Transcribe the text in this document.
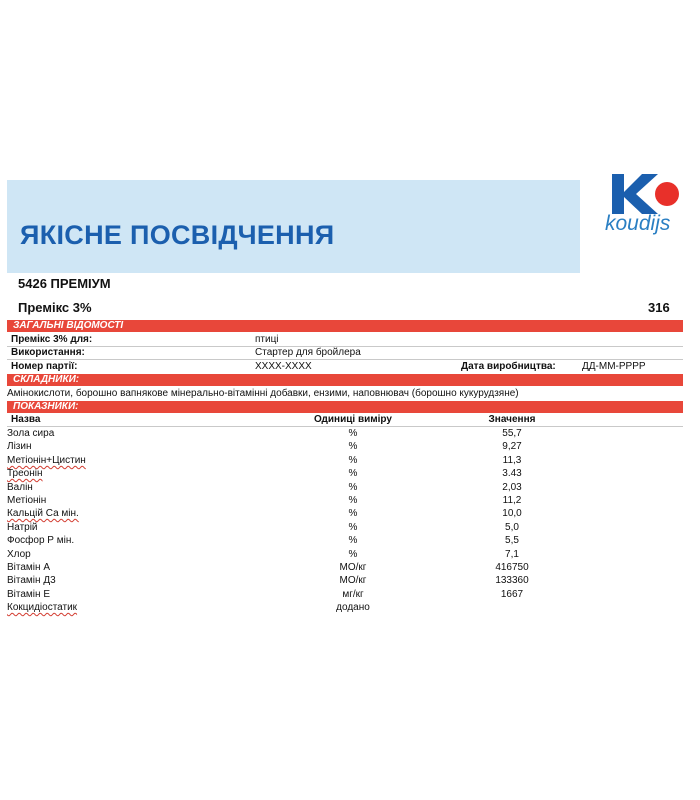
ЯКІСНЕ ПОСВІДЧЕННЯ	koudijs
5426 ПРЕМІУМ
Премікс 3%	316
ЗАГАЛЬНІ ВІДОМОСТІ
Премікс 3% для:	птиці
Використання:	Стартер для бройлера
Номер партії:	XXXX-XXXX	Дата виробництва:	ДД-ММ-РРРР
СКЛАДНИКИ:
Амінокислоти, борошно вапнякове мінерально-вітамінні добавки, ензими, наповнювач (борошно кукурудзяне)
ПОКАЗНИКИ:
Назва	Одиниці виміру	Значення
Зола сира	%	55,7
Лізин	%	9,27
Метіонін+Цистин	%	11,3
Треонін	%	3.43
Валін	%	2,03
Метіонін	%	11,2
Кальцій Са мін.	%	10,0
Натрій	%	5,0
Фосфор Р мін.	%	5,5
Хлор	%	7,1
Вітамін А	МО/кг	416750
Вітамін Д3	МО/кг	133360
Вітамін Е	мг/кг	1667
Кокцидіостатик	додано
